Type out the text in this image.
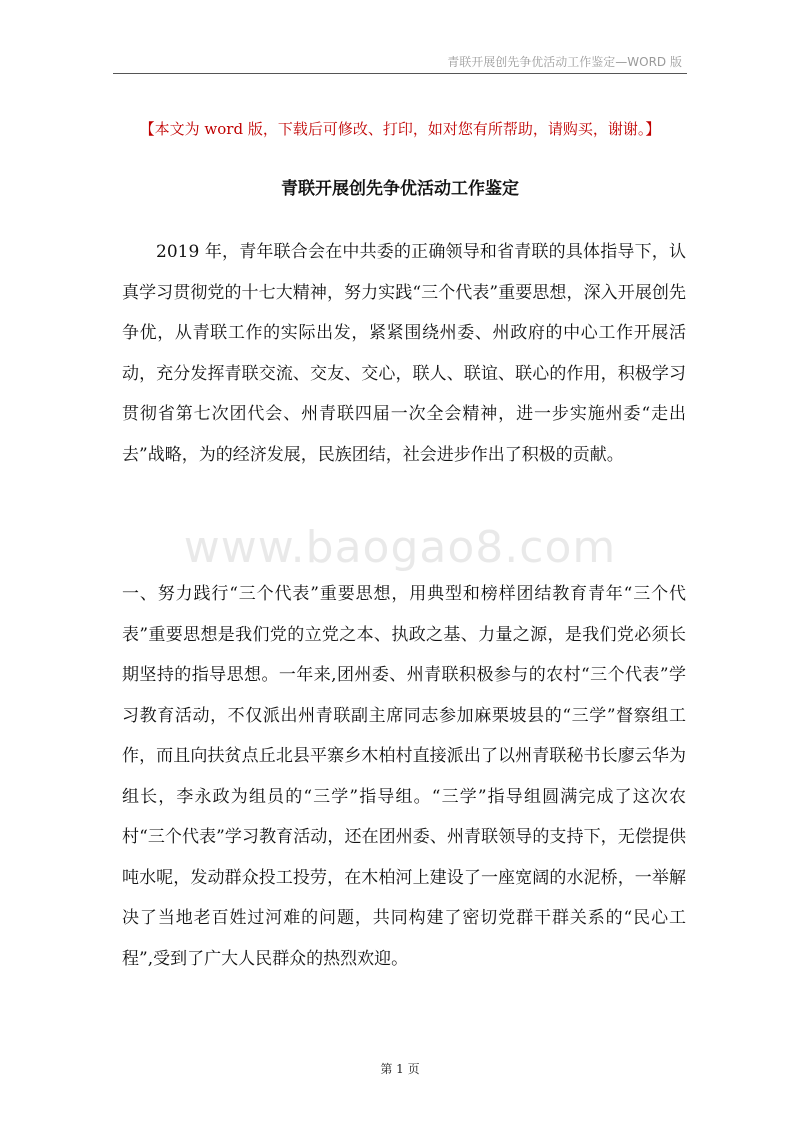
青联开展创先争优活动工作鉴定—WORD 版
【本文为 word 版，下载后可修改、打印，如对您有所帮助，请购买，谢谢。】
青联开展创先争优活动工作鉴定

2019 年，青年联合会在中共委的正确领导和省青联的具体指导下，认真学习贯彻党的十七大精神，努力实践“三个代表”重要思想，深入开展创先争优，从青联工作的实际出发，紧紧围绕州委、州政府的中心工作开展活动，充分发挥青联交流、交友、交心，联人、联谊、联心的作用，积极学习贯彻省第七次团代会、州青联四届一次全会精神，进一步实施州委“走出去”战略，为的经济发展，民族团结，社会进步作出了积极的贡献。

www.baogao8.com

一、努力践行“三个代表”重要思想，用典型和榜样团结教育青年“三个代表”重要思想是我们党的立党之本、执政之基、力量之源，是我们党必须长期坚持的指导思想。一年来,团州委、州青联积极参与的农村“三个代表”学习教育活动，不仅派出州青联副主席同志参加麻栗坡县的“三学”督察组工作，而且向扶贫点丘北县平寨乡木柏村直接派出了以州青联秘书长廖云华为组长，李永政为组员的“三学”指导组。“三学”指导组圆满完成了这次农村“三个代表”学习教育活动，还在团州委、州青联领导的支持下，无偿提供吨水呢，发动群众投工投劳，在木柏河上建设了一座宽阔的水泥桥，一举解决了当地老百姓过河难的问题，共同构建了密切党群干群关系的“民心工程”,受到了广大人民群众的热烈欢迎。

第 1 页
